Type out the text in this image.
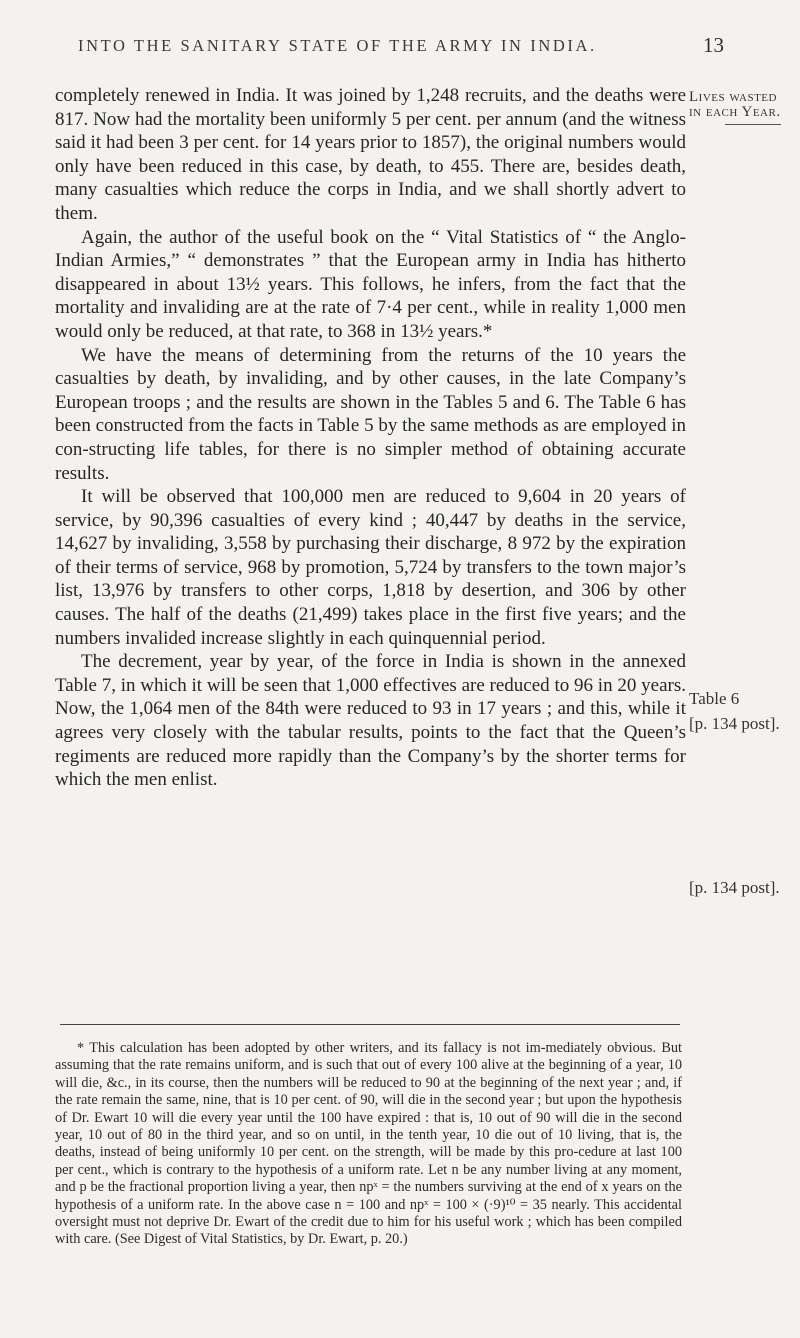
INTO THE SANITARY STATE OF THE ARMY IN INDIA.	13

completely renewed in India. It was joined by 1,248 recruits, and the deaths were 817. Now had the mortality been uniformly 5 per cent. per annum (and the witness said it had been 3 per cent. for 14 years prior to 1857), the original numbers would only have been reduced in this case, by death, to 455. There are, besides death, many casualties which reduce the corps in India, and we shall shortly advert to them.

Again, the author of the useful book on the “ Vital Statistics of “ the Anglo-Indian Armies,” “ demonstrates ” that the European army in India has hitherto disappeared in about 13½ years. This follows, he infers, from the fact that the mortality and invaliding are at the rate of 7·4 per cent., while in reality 1,000 men would only be reduced, at that rate, to 368 in 13½ years.*

We have the means of determining from the returns of the 10 years the casualties by death, by invaliding, and by other causes, in the late Company’s European troops ; and the results are shown in the Tables 5 and 6. The Table 6 has been constructed from the facts in Table 5 by the same methods as are employed in con-structing life tables, for there is no simpler method of obtaining accurate results.

It will be observed that 100,000 men are reduced to 9,604 in 20 years of service, by 90,396 casualties of every kind ; 40,447 by deaths in the service, 14,627 by invaliding, 3,558 by purchasing their discharge, 8 972 by the expiration of their terms of service, 968 by promotion, 5,724 by transfers to the town major’s list, 13,976 by transfers to other corps, 1,818 by desertion, and 306 by other causes. The half of the deaths (21,499) takes place in the first five years; and the numbers invalided increase slightly in each quinquennial period.

The decrement, year by year, of the force in India is shown in the annexed Table 7, in which it will be seen that 1,000 effectives are reduced to 96 in 20 years. Now, the 1,064 men of the 84th were reduced to 93 in 17 years ; and this, while it agrees very closely with the tabular results, points to the fact that the Queen’s regiments are reduced more rapidly than the Company’s by the shorter terms for which the men enlist.

Lives wasted
in each Year.
Table 6
[p. 134 post].
[p. 134 post].
* This calculation has been adopted by other writers, and its fallacy is not im-mediately obvious. But assuming that the rate remains uniform, and is such that out of every 100 alive at the beginning of a year, 10 will die, &c., in its course, then the numbers will be reduced to 90 at the beginning of the next year ; and, if the rate remain the same, nine, that is 10 per cent. of 90, will die in the second year ; but upon the hypothesis of Dr. Ewart 10 will die every year until the 100 have expired : that is, 10 out of 90 will die in the second year, 10 out of 80 in the third year, and so on until, in the tenth year, 10 die out of 10 living, that is, the deaths, instead of being uniformly 10 per cent. on the strength, will be made by this pro-cedure at last 100 per cent., which is contrary to the hypothesis of a uniform rate. Let n be any number living at any moment, and p be the fractional proportion living a year, then npˣ = the numbers surviving at the end of x years on the hypothesis of a uniform rate. In the above case n = 100 and npˣ = 100 × (·9)¹⁰ = 35 nearly. This accidental oversight must not deprive Dr. Ewart of the credit due to him for his useful work ; which has been compiled with care. (See Digest of Vital Statistics, by Dr. Ewart, p. 20.)
